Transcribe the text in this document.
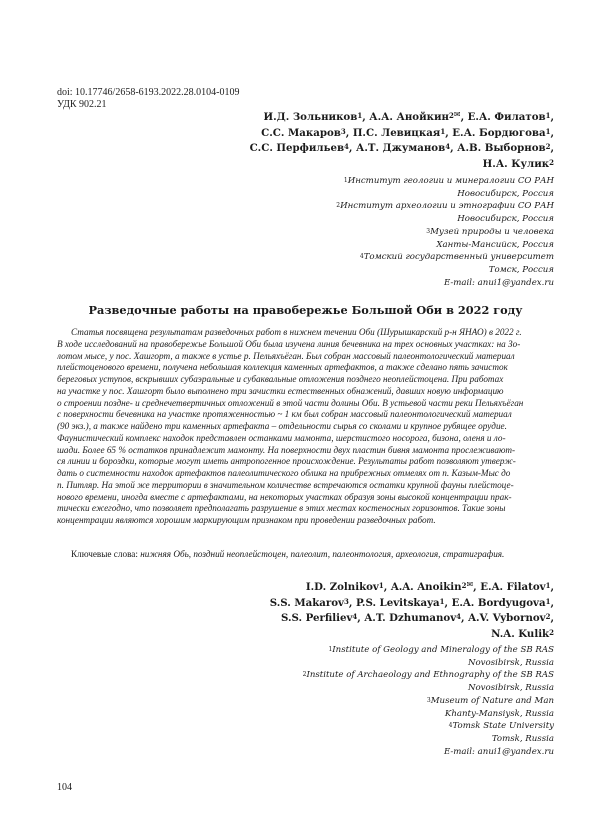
doi: 10.17746/2658-6193.2022.28.0104-0109
УДК 902.21
И.Д. Зольников$^1$, А.А. Анойкин$^2$✉, Е.А. Филатов$^1$,
С.С. Макаров$^3$, П.С. Левицкая$^1$, Е.А. Бордюгова$^1$,
С.С. Перфильев$^4$, А.Т. Джуманов$^4$, А.В. Выборнов$^2$,
Н.А. Кулик$^2$
$^1$Институт геологии и минералогии СО РАН
Новосибирск, Россия
$^2$Институт археологии и этнографии СО РАН
Новосибирск, Россия
$^3$Музей природы и человека
Ханты-Мансийск, Россия
$^4$Томский государственный университет
Томск, Россия
E-mail: anui1@yandex.ru
Разведочные работы на правобережье Большой Оби в 2022 году
Статья посвящена результатам разведочных работ в нижнем течении Оби (Шурышкарский р-н ЯНАО) в 2022 г.
В ходе исследований на правобережье Большой Оби была изучена линия бечевника на трех основных участках: на Зо-
лотом мысе, у пос. Хашгорт, а также в устье р. Пельяхъёган. Был собран массовый палеонтологический материал
плейстоценового времени, получена небольшая коллекция каменных артефактов, а также сделано пять зачисток
береговых уступов, вскрывших субаэральные и субаквальные отложения позднего неоплейстоцена. При работах
на участке у пос. Хашгорт было выполнено три зачистки естественных обнажений, давших новую информацию
о строении поздне- и среднечетвертичных отложений в этой части долины Оби. В устьевой части реки Пельяхъёган
с поверхности бечевника на участке протяженностью ~ 1 км был собран массовый палеонтологический материал
(90 экз.), а также найдено три каменных артефакта – отдельности сырья со сколами и крупное рубящее орудие.
Фаунистический комплекс находок представлен останками мамонта, шерстистого носорога, бизона, оленя и ло-
шади. Более 65 % остатков принадлежит мамонту. На поверхности двух пластин бивня мамонта прослеживают-
ся линии и бороздки, которые могут иметь антропогенное происхождение. Результаты работ позволяют утверж-
дать о системности находок артефактов палеолитического облика на прибрежных отмелях от п. Казым-Мыс до
п. Питляр. На этой же территории в значительном количестве встречаются остатки крупной фауны плейстоце-
нового времени, иногда вместе с артефактами, на некоторых участках образуя зоны высокой концентрации прак-
тически ежегодно, что позволяет предполагать разрушение в этих местах костеносных горизонтов. Такие зоны
концентрации являются хорошим маркирующим признаком при проведении разведочных работ.
Ключевые слова: нижняя Обь, поздний неоплейстоцен, палеолит, палеонтология, археология, стратиграфия.
I.D. Zolnikov$^1$, A.A. Anoikin$^2$✉, E.A. Filatov$^1$,
S.S. Makarov$^3$, P.S. Levitskaya$^1$, E.A. Bordyugova$^1$,
S.S. Perfiliev$^4$, A.T. Dzhumanov$^4$, A.V. Vybornov$^2$,
N.A. Kulik$^2$
$^1$Institute of Geology and Mineralogy of the SB RAS
Novosibirsk, Russia
$^2$Institute of Archaeology and Ethnography of the SB RAS
Novosibirsk, Russia
$^3$Museum of Nature and Man
Khanty-Mansiysk, Russia
$^4$Tomsk State University
Tomsk, Russia
E-mail: anui1@yandex.ru
104
